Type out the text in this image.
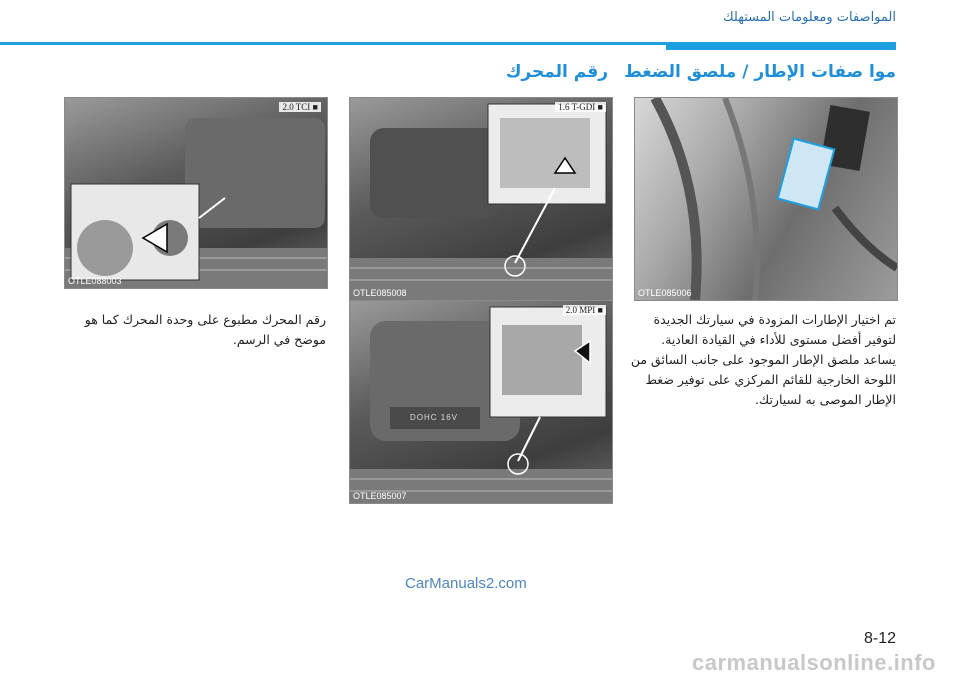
المواصفات ومعلومات المستهلك
موا صفات الإطار / ملصق الضغط
رقم المحرك
OTLE085006
1.6 T-GDI ■
OTLE085008
DOHC 16V
2.0 MPI ■
OTLE085007
2.0 TCI ■
OTLE088003
تم اختيار الإطارات المزودة في سيارتك الجديدة
لتوفير أفضل مستوى للأداء في القيادة العادية.
يساعد ملصق الإطار الموجود على جانب السائق من
اللوحة الخارجية للقائم المركزي على توفير ضغط
الإطار الموصى به لسيارتك.
رقم المحرك مطبوع على وحدة المحرك كما هو
موضح في الرسم.
CarManuals2.com
8-12
carmanualsonline.info
